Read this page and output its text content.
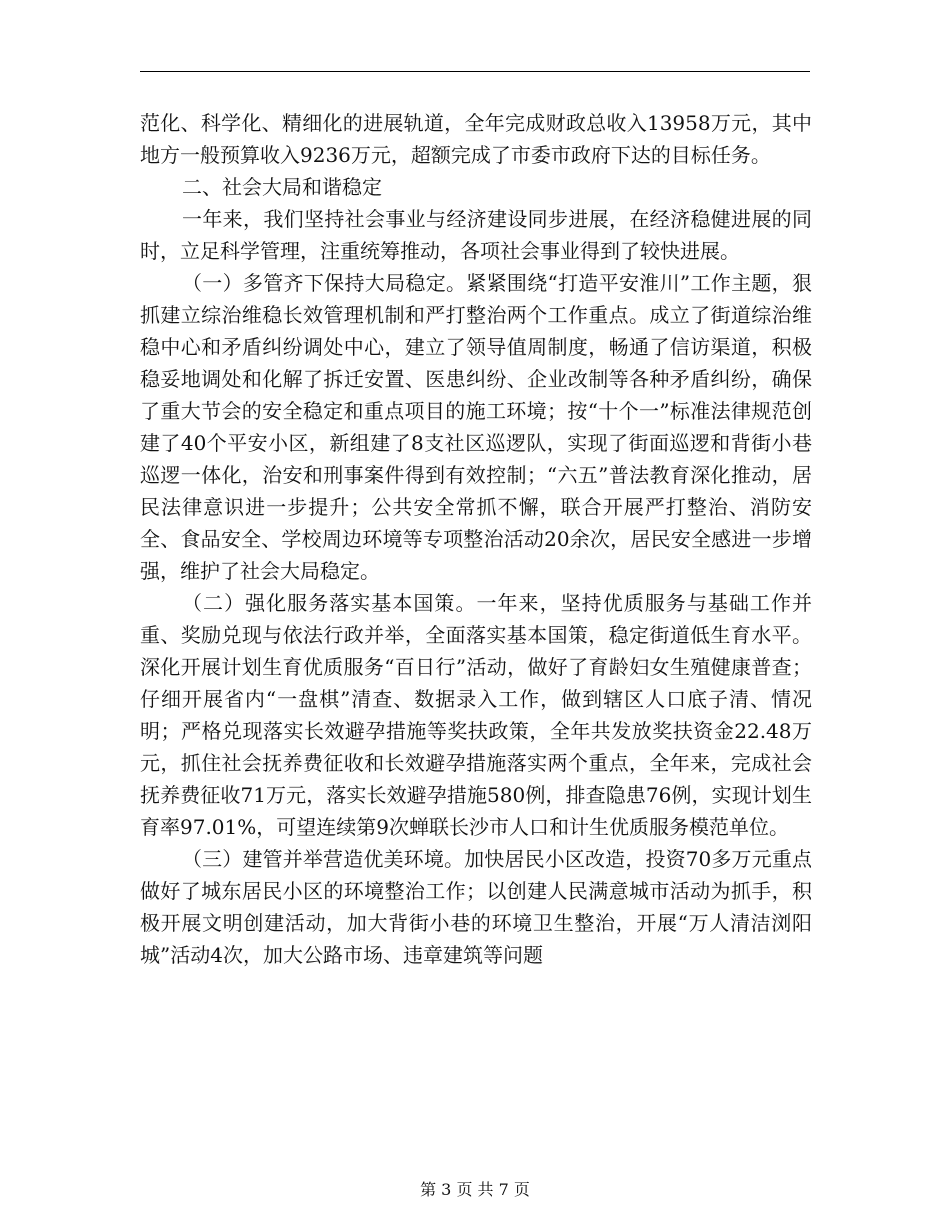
范化、科学化、精细化的进展轨道，全年完成财政总收入13958万元，其中地方一般预算收入9236万元，超额完成了市委市政府下达的目标任务。

二、社会大局和谐稳定

一年来，我们坚持社会事业与经济建设同步进展，在经济稳健进展的同时，立足科学管理，注重统筹推动，各项社会事业得到了较快进展。

（一）多管齐下保持大局稳定。紧紧围绕“打造平安淮川”工作主题，狠抓建立综治维稳长效管理机制和严打整治两个工作重点。成立了街道综治维稳中心和矛盾纠纷调处中心，建立了领导值周制度，畅通了信访渠道，积极稳妥地调处和化解了拆迁安置、医患纠纷、企业改制等各种矛盾纠纷，确保了重大节会的安全稳定和重点项目的施工环境；按“十个一”标准法律规范创建了40个平安小区，新组建了8支社区巡逻队，实现了街面巡逻和背街小巷巡逻一体化，治安和刑事案件得到有效控制；“六五”普法教育深化推动，居民法律意识进一步提升；公共安全常抓不懈，联合开展严打整治、消防安全、食品安全、学校周边环境等专项整治活动20余次，居民安全感进一步增强，维护了社会大局稳定。

（二）强化服务落实基本国策。一年来，坚持优质服务与基础工作并重、奖励兑现与依法行政并举，全面落实基本国策，稳定街道低生育水平。深化开展计划生育优质服务“百日行”活动，做好了育龄妇女生殖健康普查；仔细开展省内“一盘棋”清查、数据录入工作，做到辖区人口底子清、情况明；严格兑现落实长效避孕措施等奖扶政策，全年共发放奖扶资金22.48万元，抓住社会抚养费征收和长效避孕措施落实两个重点，全年来，完成社会抚养费征收71万元，落实长效避孕措施580例，排查隐患76例，实现计划生育率97.01%，可望连续第9次蝉联长沙市人口和计生优质服务模范单位。

（三）建管并举营造优美环境。加快居民小区改造，投资70多万元重点做好了城东居民小区的环境整治工作；以创建人民满意城市活动为抓手，积极开展文明创建活动，加大背街小巷的环境卫生整治，开展“万人清洁浏阳城”活动4次，加大公路市场、违章建筑等问题

第 3 页 共 7 页
